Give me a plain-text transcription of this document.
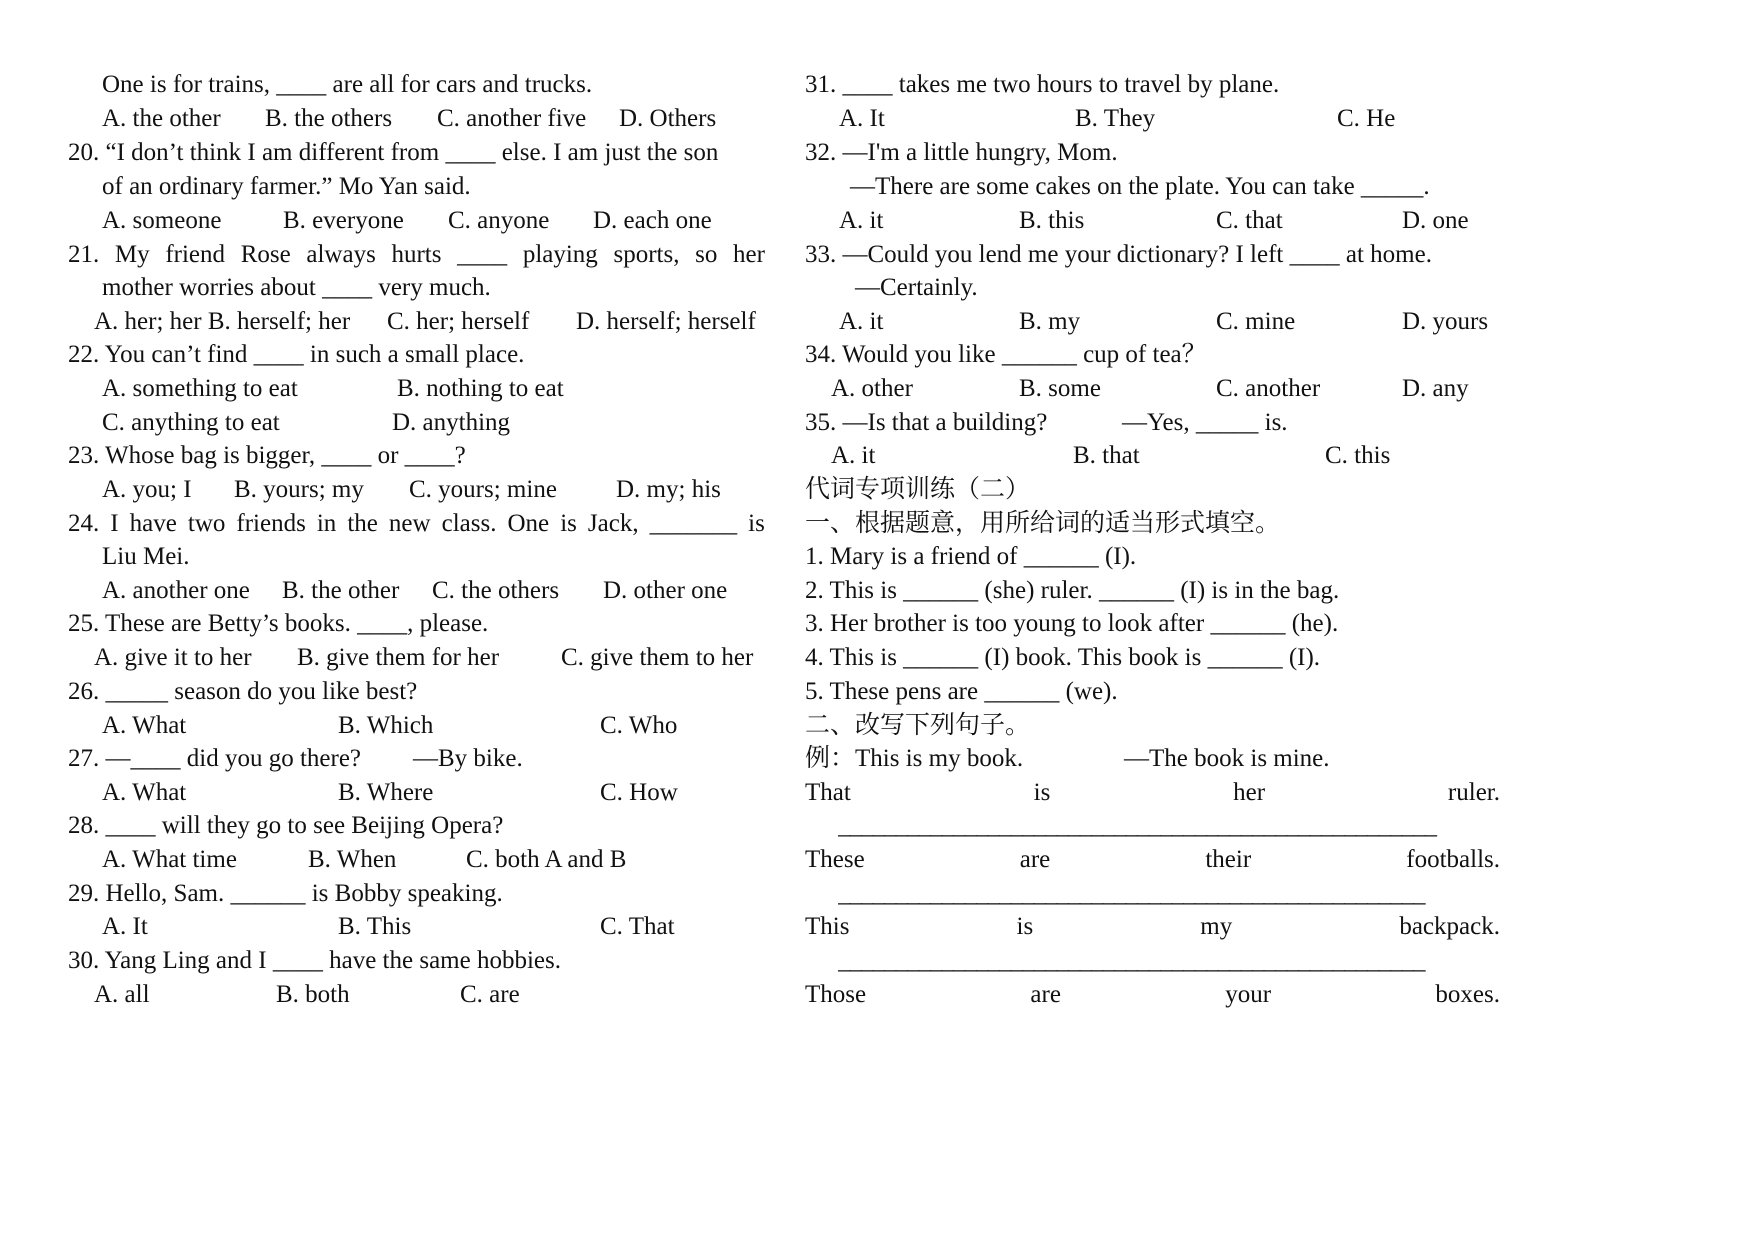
One is for trains, ____ are all for cars and trucks.
A. the other B. the others C. another five D. Others
20. “I don’t think I am different from ____ else. I am just the son
of an ordinary farmer.” Mo Yan said.
A. someone B. everyone C. anyone D. each one
21. My friend Rose always hurts ____ playing sports, so her
mother worries about ____ very much.
A. her; her B. herself; her C. her; herself D. herself; herself
22. You can’t find ____ in such a small place.
A. something to eat	B. nothing to eat
C. anything to eat	D. anything
23. Whose bag is bigger, ____ or ____?
A. you; I B. yours; my C. yours; mine D. my; his
24. I have two friends in the new class. One is Jack, _______ is
Liu Mei.
A. another one B. the other C. the others D. other one
25. These are Betty’s books. ____, please.
A. give it to her B. give them for her C. give them to her
26. _____ season do you like best?
A. What	B. Which	C. Who
27. —____ did you go there? —By bike.
A. What	B. Where	C. How
28. ____ will they go to see Beijing Opera?
A. What time	B. When	C. both A and B
29. Hello, Sam. ______ is Bobby speaking.
A. It	B. This	C. That
30. Yang Ling and I ____ have the same hobbies.
A. all	B. both	C. are
31. ____ takes me two hours to travel by plane.
A. It	B. They	C. He
32. —I'm a little hungry, Mom.
—There are some cakes on the plate. You can take _____.
A. it	B. this	C. that	D. one
33. —Could you lend me your dictionary? I left ____ at home.
—Certainly.
A. it	B. my	C. mine	D. yours
34. Would you like ______ cup of tea？
A. other	B. some	C. another	D. any
35. —Is that a building?	—Yes, _____ is.
A. it	B. that	C. this
代词专项训练（二）
一、根据题意，用所给词的适当形式填空。
1. Mary is a friend of ______ (I).
2. This is ______ (she) ruler. ______ (I) is in the bag.
3. Her brother is too young to look after ______ (he).
4. This is ______ (I) book. This book is ______ (I).
5. These pens are ______ (we).
二、改写下列句子。
例：This is my book.	—The book is mine.
That	is	her	ruler.
____________________________________________________
These	are	their	footballs.
___________________________________________________
This	is	my	backpack.
___________________________________________________
Those	are	your	boxes.
